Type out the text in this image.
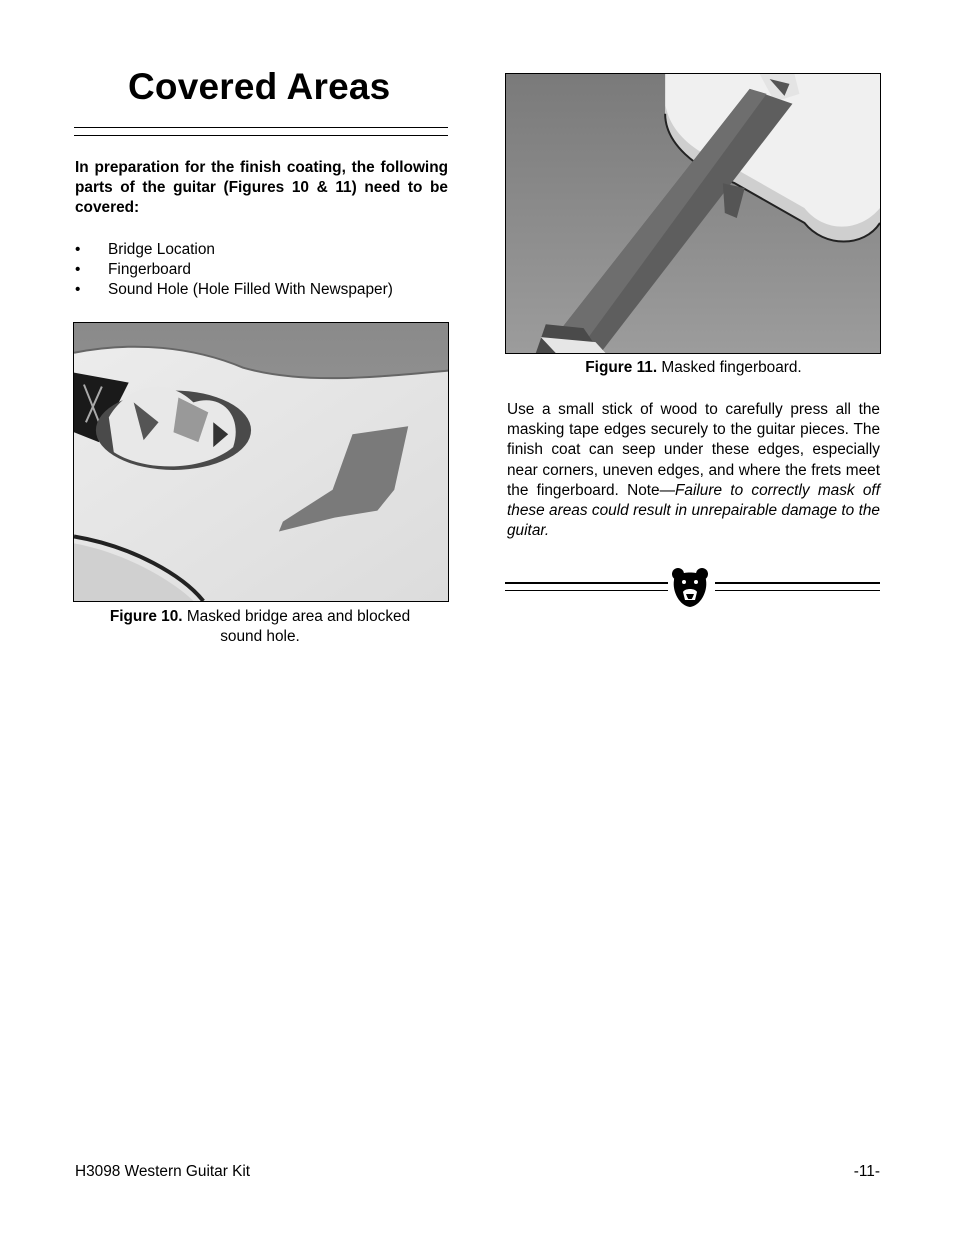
Covered Areas

In preparation for the finish coating, the following parts of the guitar (Figures 10 & 11) need to be covered:

• Bridge Location
• Fingerboard
• Sound Hole (Hole Filled With Newspaper)
Figure 10. Masked bridge area and blocked sound hole.
Figure 11. Masked fingerboard.

Use a small stick of wood to carefully press all the masking tape edges securely to the guitar pieces. The finish coat can seep under these edges, especially near corners, uneven edges, and where the frets meet the fingerboard. Note—Failure to correctly mask off these areas could result in unrepairable damage to the guitar.

H3098 Western Guitar Kit	-11-
